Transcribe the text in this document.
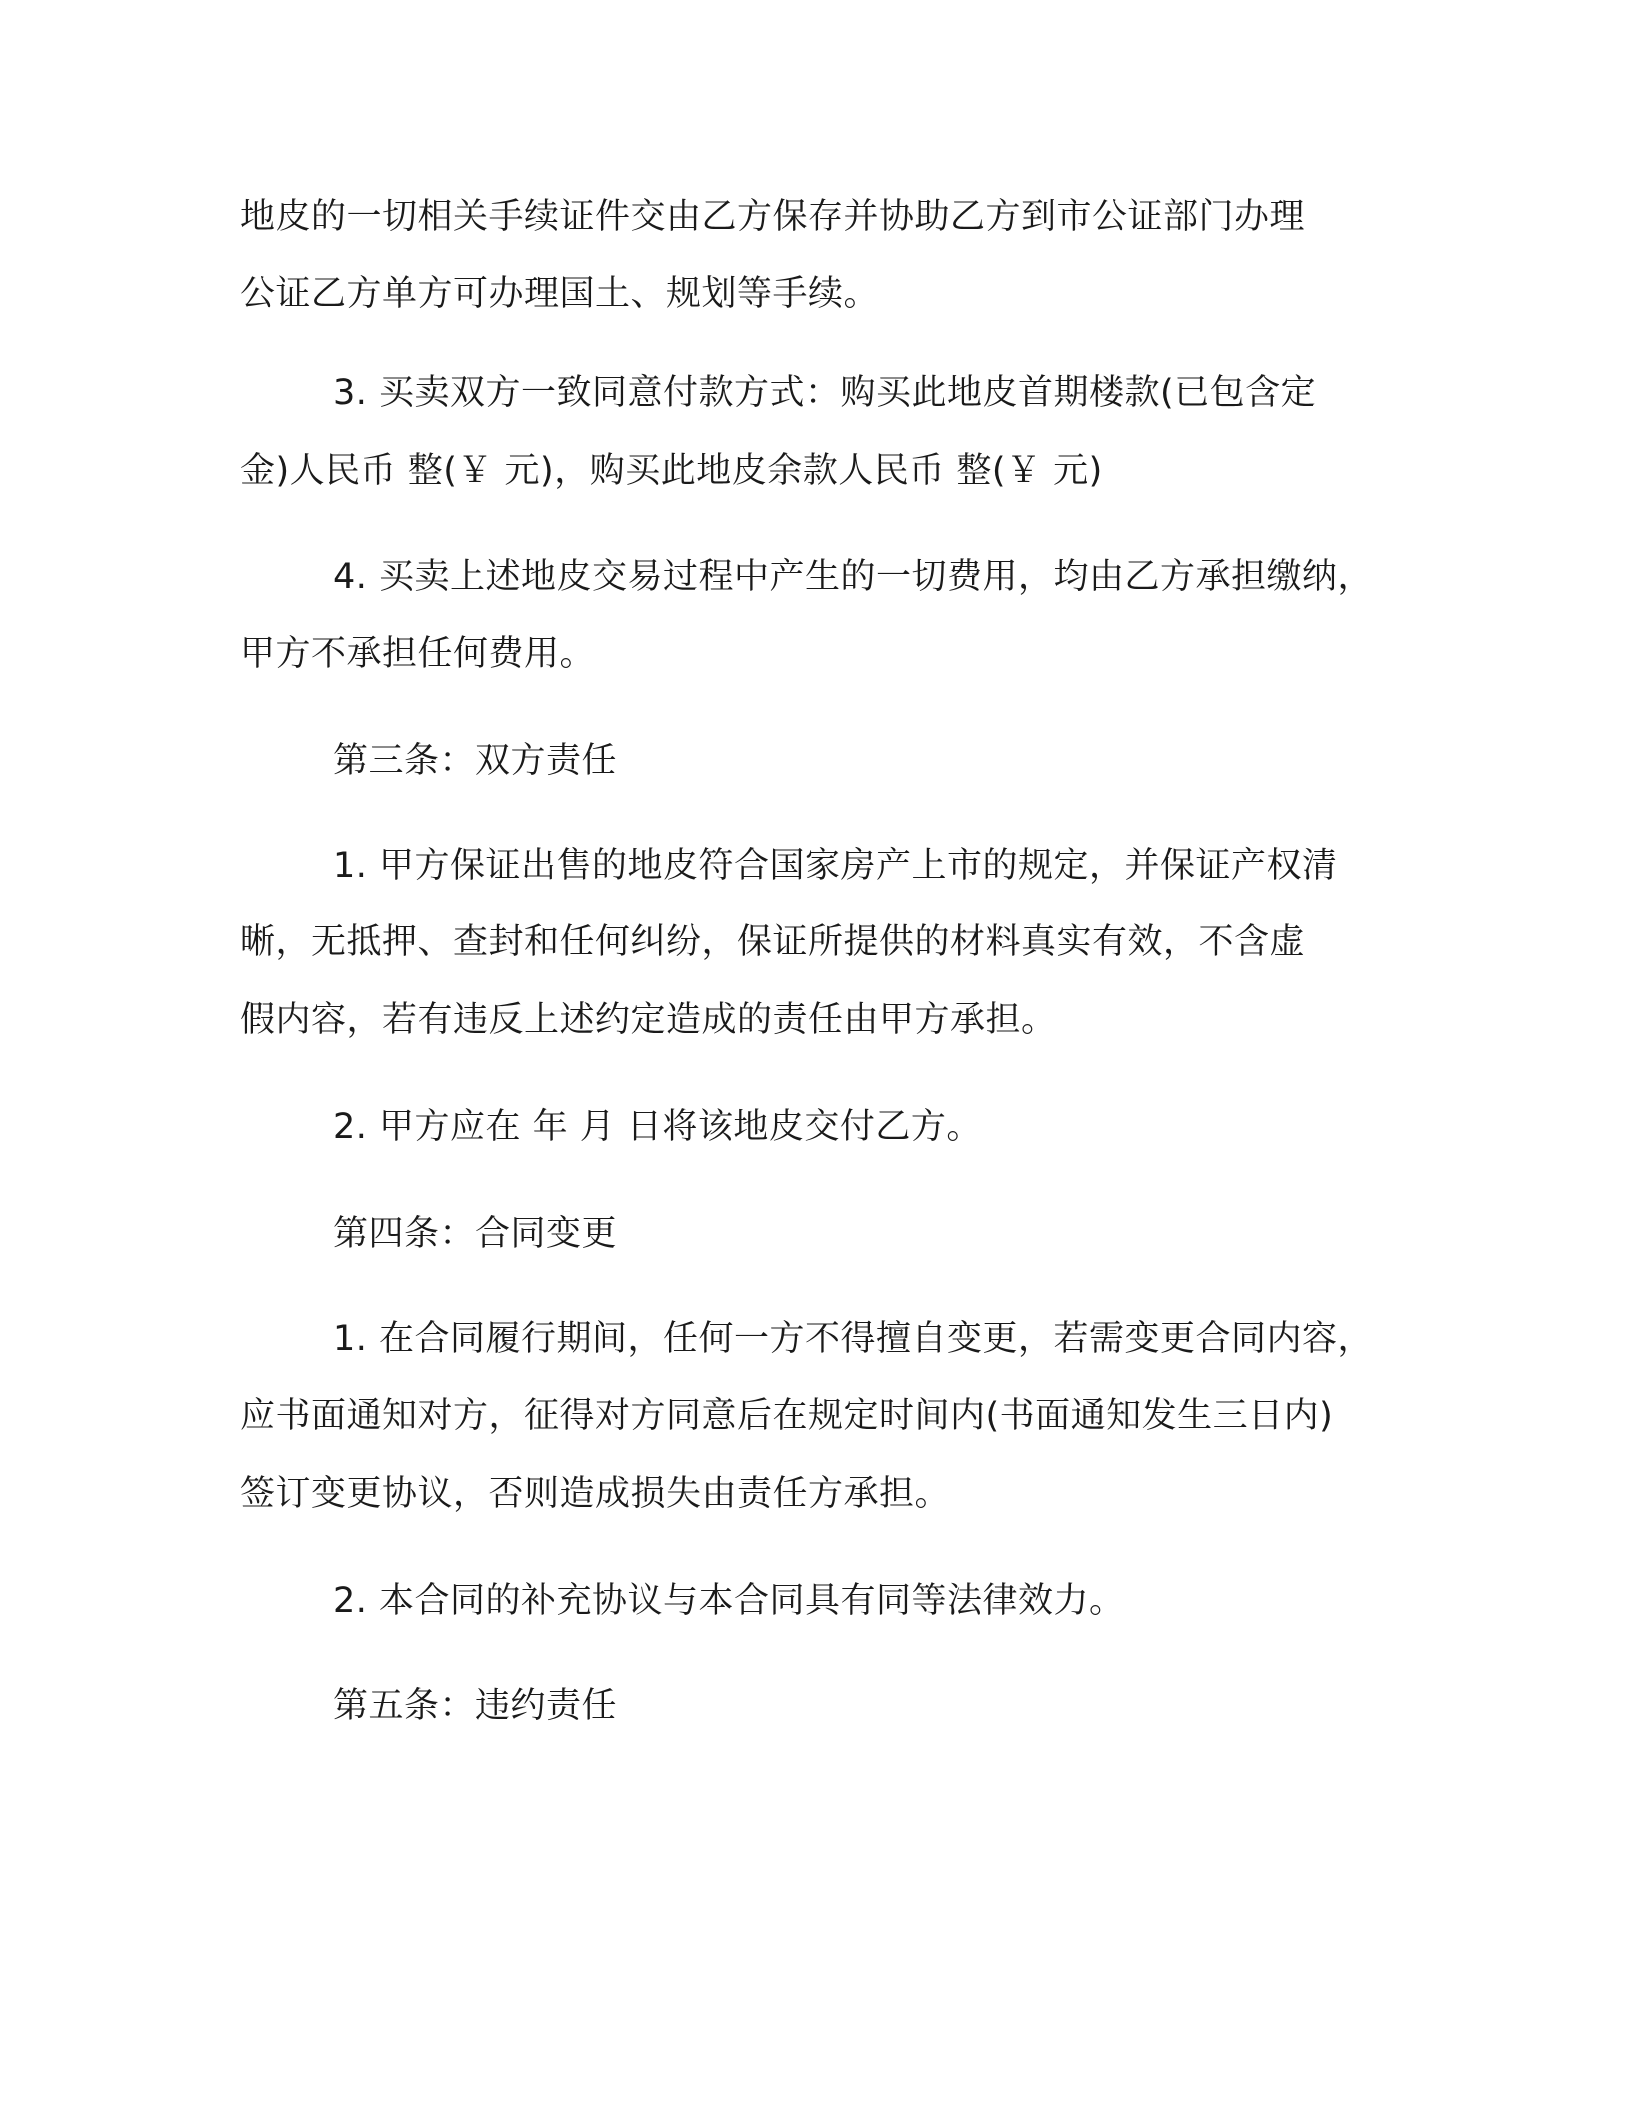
地皮的一切相关手续证件交由乙方保存并协助乙方到市公证部门办理

公证乙方单方可办理国土、规划等手续。

3. 买卖双方一致同意付款方式：购买此地皮首期楼款(已包含定

金)人民币 整(￥ 元)，购买此地皮余款人民币 整(￥ 元)

4. 买卖上述地皮交易过程中产生的一切费用，均由乙方承担缴纳，

甲方不承担任何费用。

第三条：双方责任

1. 甲方保证出售的地皮符合国家房产上市的规定，并保证产权清

晰，无抵押、查封和任何纠纷，保证所提供的材料真实有效，不含虚

假内容，若有违反上述约定造成的责任由甲方承担。

2. 甲方应在 年 月 日将该地皮交付乙方。

第四条：合同变更

1. 在合同履行期间，任何一方不得擅自变更，若需变更合同内容，

应书面通知对方，征得对方同意后在规定时间内(书面通知发生三日内)

签订变更协议，否则造成损失由责任方承担。

2. 本合同的补充协议与本合同具有同等法律效力。

第五条：违约责任
